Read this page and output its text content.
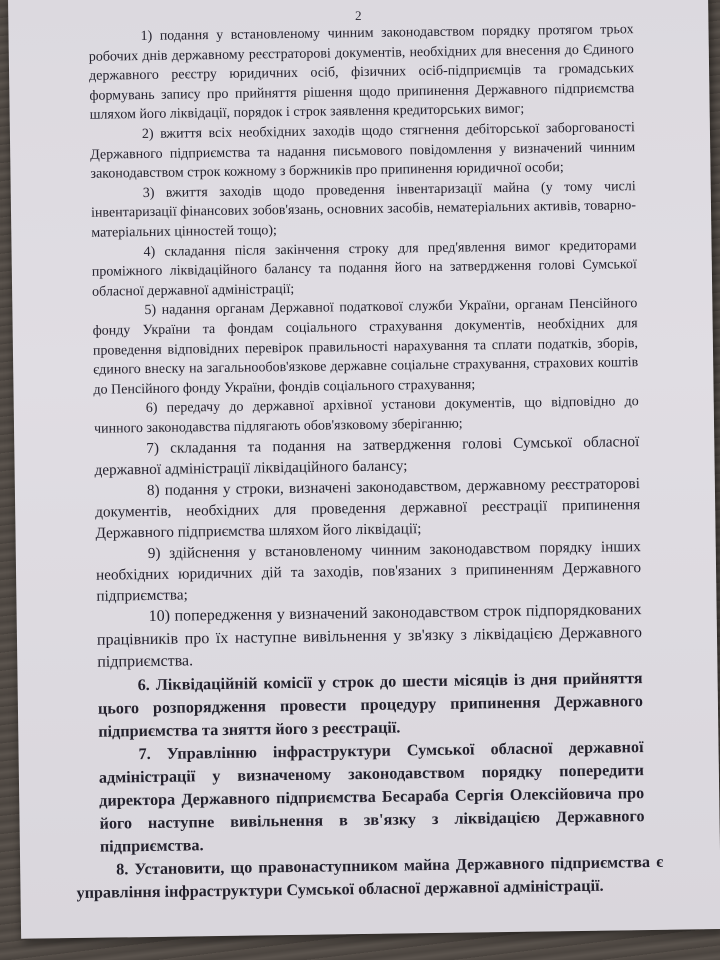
2

1) подання у встановленому чинним законодавством порядку протягом трьох робочих днів державному реєстраторові документів, необхідних для внесення до Єдиного державного реєстру юридичних осіб, фізичних осіб-підприємців та громадських формувань запису про прийняття рішення щодо припинення Державного підприємства шляхом його ліквідації, порядок і строк заявлення кредиторських вимог;

2) вжиття всіх необхідних заходів щодо стягнення дебіторської заборгованості Державного підприємства та надання письмового повідомлення у визначений чинним законодавством строк кожному з боржників про припинення юридичної особи;

3) вжиття заходів щодо проведення інвентаризації майна (у тому числі інвентаризації фінансових зобов'язань, основних засобів, нематеріальних активів, товарно-матеріальних цінностей тощо);

4) складання після закінчення строку для пред'явлення вимог кредиторами проміжного ліквідаційного балансу та подання його на затвердження голові Сумської обласної державної адміністрації;

5) надання органам Державної податкової служби України, органам Пенсійного фонду України та фондам соціального страхування документів, необхідних для проведення відповідних перевірок правильності нарахування та сплати податків, зборів, єдиного внеску на загальнообов'язкове державне соціальне страхування, страхових коштів до Пенсійного фонду України, фондів соціального страхування;

6) передачу до державної архівної установи документів, що відповідно до чинного законодавства підлягають обов'язковому зберіганню;

7) складання та подання на затвердження голові Сумської обласної державної адміністрації ліквідаційного балансу;

8) подання у строки, визначені законодавством, державному реєстраторові документів, необхідних для проведення державної реєстрації припинення Державного підприємства шляхом його ліквідації;

9) здійснення у встановленому чинним законодавством порядку інших необхідних юридичних дій та заходів, пов'язаних з припиненням Державного підприємства;

10) попередження у визначений законодавством строк підпорядкованих працівників про їх наступне вивільнення у зв'язку з ліквідацією Державного підприємства.

6. Ліквідаційній комісії у строк до шести місяців із дня прийняття цього розпорядження провести процедуру припинення Державного підприємства та зняття його з реєстрації.

7. Управлінню інфраструктури Сумської обласної державної адміністрації у визначеному законодавством порядку попередити директора Державного підприємства Бесараба Сергія Олексійовича про його наступне вивільнення в зв'язку з ліквідацією Державного підприємства.

8. Установити, що правонаступником майна Державного підприємства є управління інфраструктури Сумської обласної державної адміністрації.
